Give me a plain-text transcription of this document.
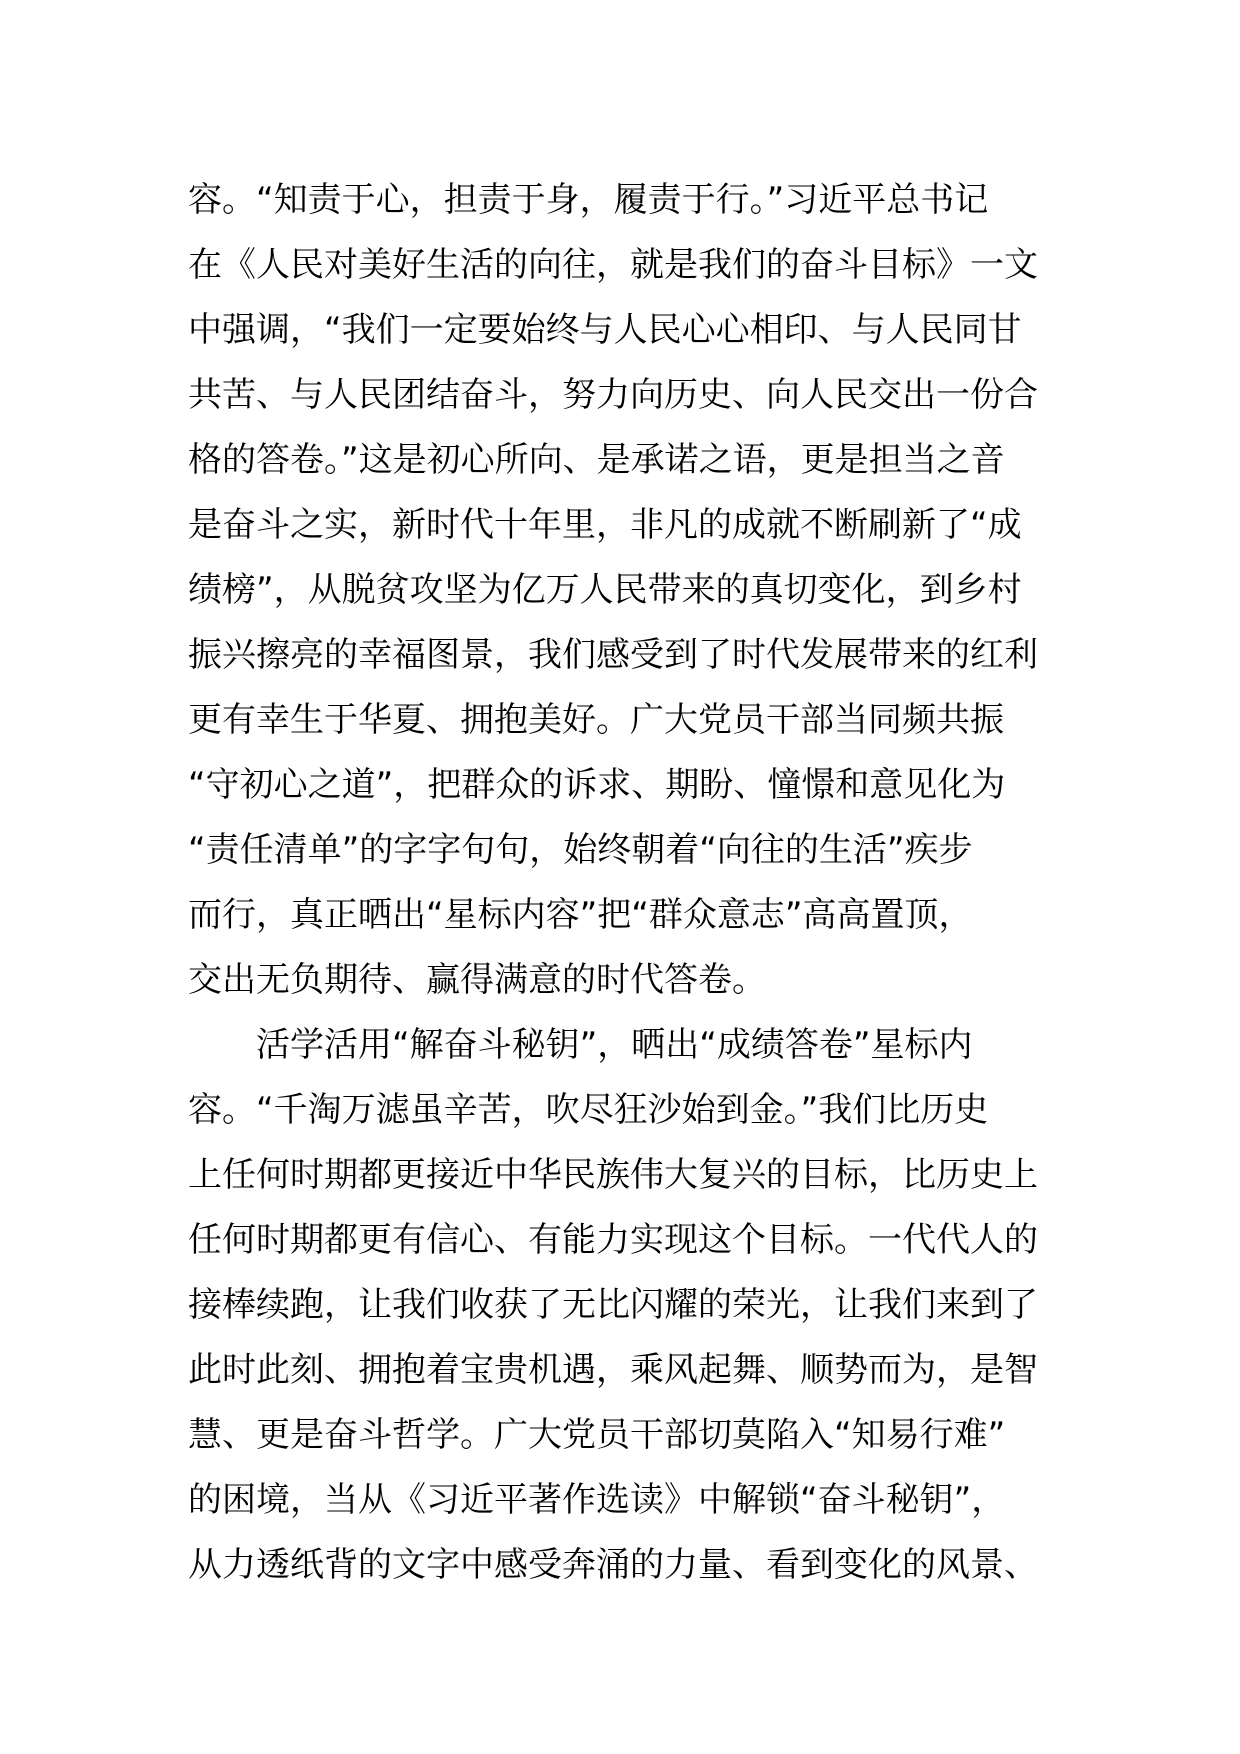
容。“知责于心，担责于身，履责于行。”习近平总书记
在《人民对美好生活的向往，就是我们的奋斗目标》一文
中强调，“我们一定要始终与人民心心相印、与人民同甘
共苦、与人民团结奋斗，努力向历史、向人民交出一份合
格的答卷。”这是初心所向、是承诺之语，更是担当之音
是奋斗之实，新时代十年里，非凡的成就不断刷新了“成
绩榜”，从脱贫攻坚为亿万人民带来的真切变化，到乡村
振兴擦亮的幸福图景，我们感受到了时代发展带来的红利
更有幸生于华夏、拥抱美好。广大党员干部当同频共振
“守初心之道”，把群众的诉求、期盼、憧憬和意见化为
“责任清单”的字字句句，始终朝着“向往的生活”疾步
而行，真正晒出“星标内容”把“群众意志”高高置顶，
交出无负期待、赢得满意的时代答卷。
活学活用“解奋斗秘钥”，晒出“成绩答卷”星标内
容。“千淘万滤虽辛苦，吹尽狂沙始到金。”我们比历史
上任何时期都更接近中华民族伟大复兴的目标，比历史上
任何时期都更有信心、有能力实现这个目标。一代代人的
接棒续跑，让我们收获了无比闪耀的荣光，让我们来到了
此时此刻、拥抱着宝贵机遇，乘风起舞、顺势而为，是智
慧、更是奋斗哲学。广大党员干部切莫陷入“知易行难”
的困境，当从《习近平著作选读》中解锁“奋斗秘钥”，
从力透纸背的文字中感受奔涌的力量、看到变化的风景、
